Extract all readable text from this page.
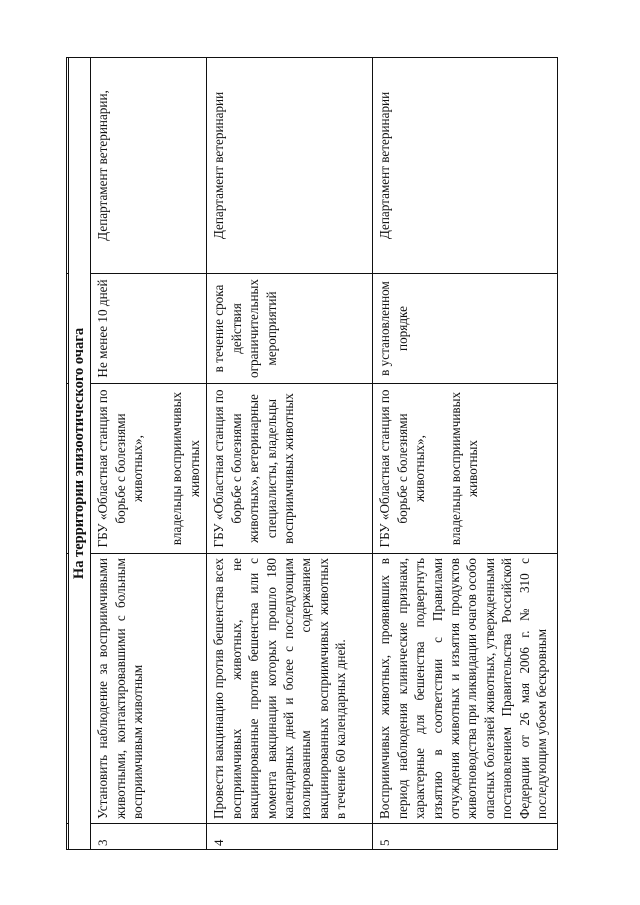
На территории эпизоотического очага				
3	Установить наблюдение за восприимчивыми животными, контактировавшими с больным восприимчивым животным	ГБУ «Областная станция по борьбе с болезнями животных», владельцы восприимчивых животных	Не менее 10 дней	Департамент ветеринарии,
4	Провести вакцинацию против бешенства всех восприимчивых животных, не вакцинированные против бешенства или с момента вакцинации которых прошло 180 календарных дней и более с последующим изолированным содержанием вакцинированных восприимчивых животных в течение 60 календарных дней.	ГБУ «Областная станция по борьбе с болезнями животных», ветеринарные специалисты, владельцы восприимчивых животных	в течение срока действия ограничительных мероприятий	Департамент ветеринарии
5	Восприимчивых животных, проявивших в период наблюдения клинические признаки, характерные для бешенства подвергнуть изъятию в соответствии с Правилами отчуждения животных и изъятия продуктов животноводства при ликвидации очагов особо опасных болезней животных, утвержденными постановлением Правительства Российской Федерации от 26 мая 2006 г. № 310 с последующим убоем бескровным	ГБУ «Областная станция по борьбе с болезнями животных», владельцы восприимчивых животных	в установленном порядке	Департамент ветеринарии
